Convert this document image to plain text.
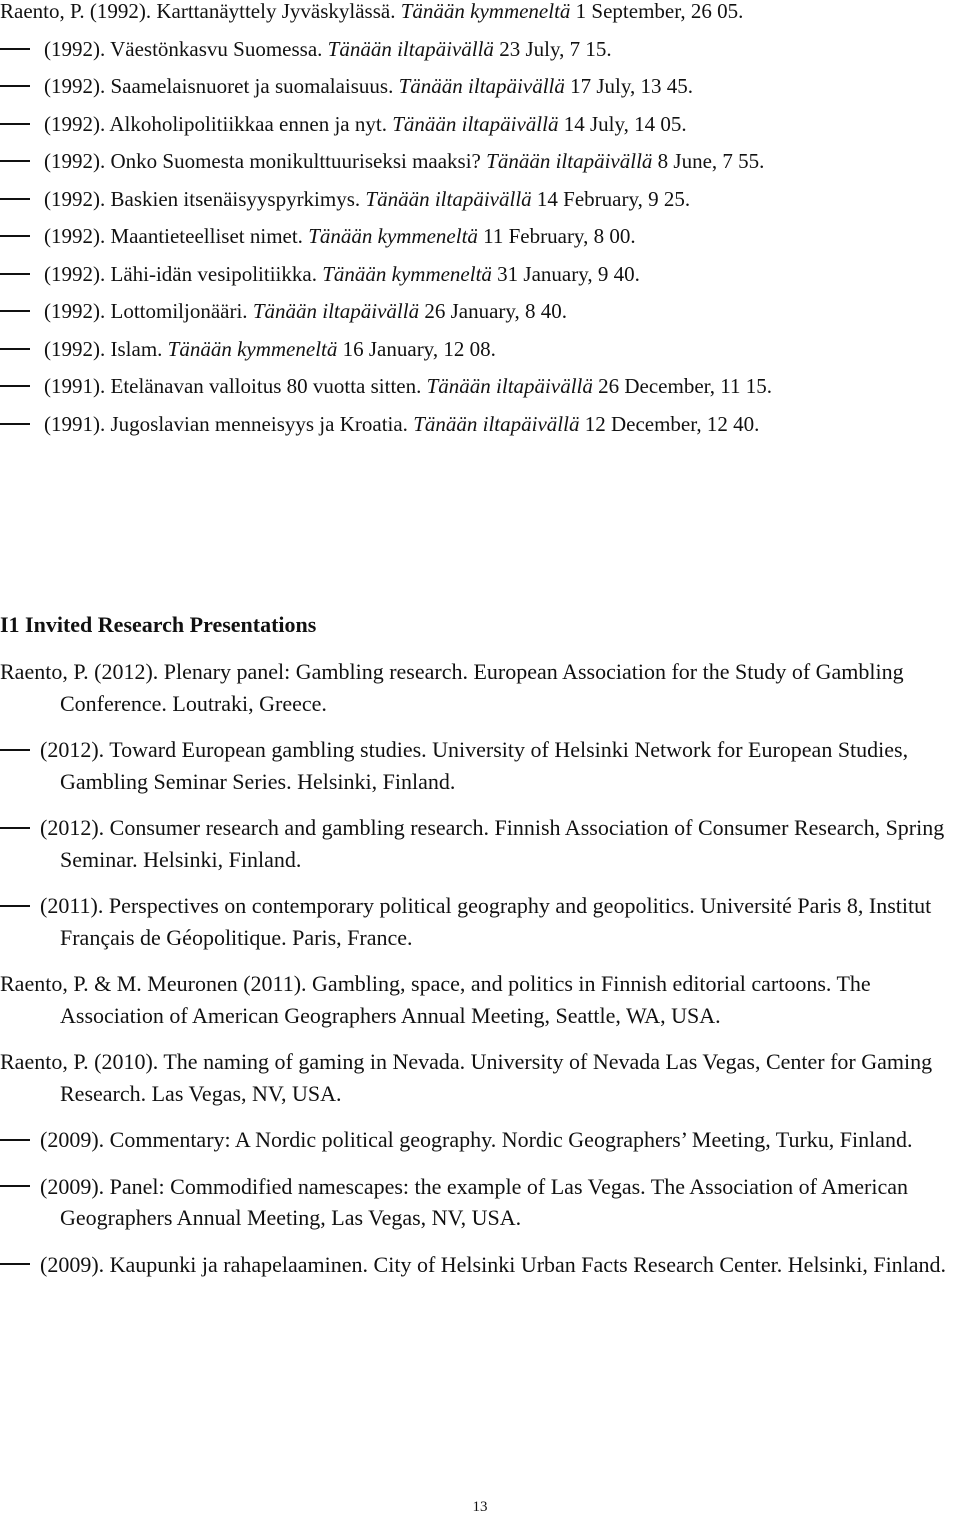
Raento, P. (1992). Karttanäyttely Jyväskylässä. Tänään kymmeneltä 1 September, 26 05.
(1992). Väestönkasvu Suomessa. Tänään iltapäivällä 23 July, 7 15.
(1992). Saamelaisnuoret ja suomalaisuus. Tänään iltapäivällä 17 July, 13 45.
(1992). Alkoholipolitiikkaa ennen ja nyt. Tänään iltapäivällä 14 July, 14 05.
(1992). Onko Suomesta monikulttuuriseksi maaksi? Tänään iltapäivällä 8 June, 7 55.
(1992). Baskien itsenäisyyspyrkimys. Tänään iltapäivällä 14 February, 9 25.
(1992). Maantieteelliset nimet. Tänään kymmeneltä 11 February, 8 00.
(1992). Lähi-idän vesipolitiikka. Tänään kymmeneltä 31 January, 9 40.
(1992). Lottomiljonääri. Tänään iltapäivällä 26 January, 8 40.
(1992). Islam. Tänään kymmeneltä 16 January, 12 08.
(1991). Etelänavan valloitus 80 vuotta sitten. Tänään iltapäivällä 26 December, 11 15.
(1991). Jugoslavian menneisyys ja Kroatia. Tänään iltapäivällä 12 December, 12 40.
I1 Invited Research Presentations
Raento, P. (2012). Plenary panel: Gambling research. European Association for the Study of Gambling Conference. Loutraki, Greece.
(2012). Toward European gambling studies. University of Helsinki Network for European Studies, Gambling Seminar Series. Helsinki, Finland.
(2012). Consumer research and gambling research. Finnish Association of Consumer Research, Spring Seminar. Helsinki, Finland.
(2011). Perspectives on contemporary political geography and geopolitics. Université Paris 8, Institut Français de Géopolitique. Paris, France.
Raento, P. & M. Meuronen (2011). Gambling, space, and politics in Finnish editorial cartoons. The Association of American Geographers Annual Meeting, Seattle, WA, USA.
Raento, P. (2010). The naming of gaming in Nevada. University of Nevada Las Vegas, Center for Gaming Research. Las Vegas, NV, USA.
(2009). Commentary: A Nordic political geography. Nordic Geographers’ Meeting, Turku, Finland.
(2009). Panel: Commodified namescapes: the example of Las Vegas. The Association of American Geographers Annual Meeting, Las Vegas, NV, USA.
(2009). Kaupunki ja rahapelaaminen. City of Helsinki Urban Facts Research Center. Helsinki, Finland.
13
